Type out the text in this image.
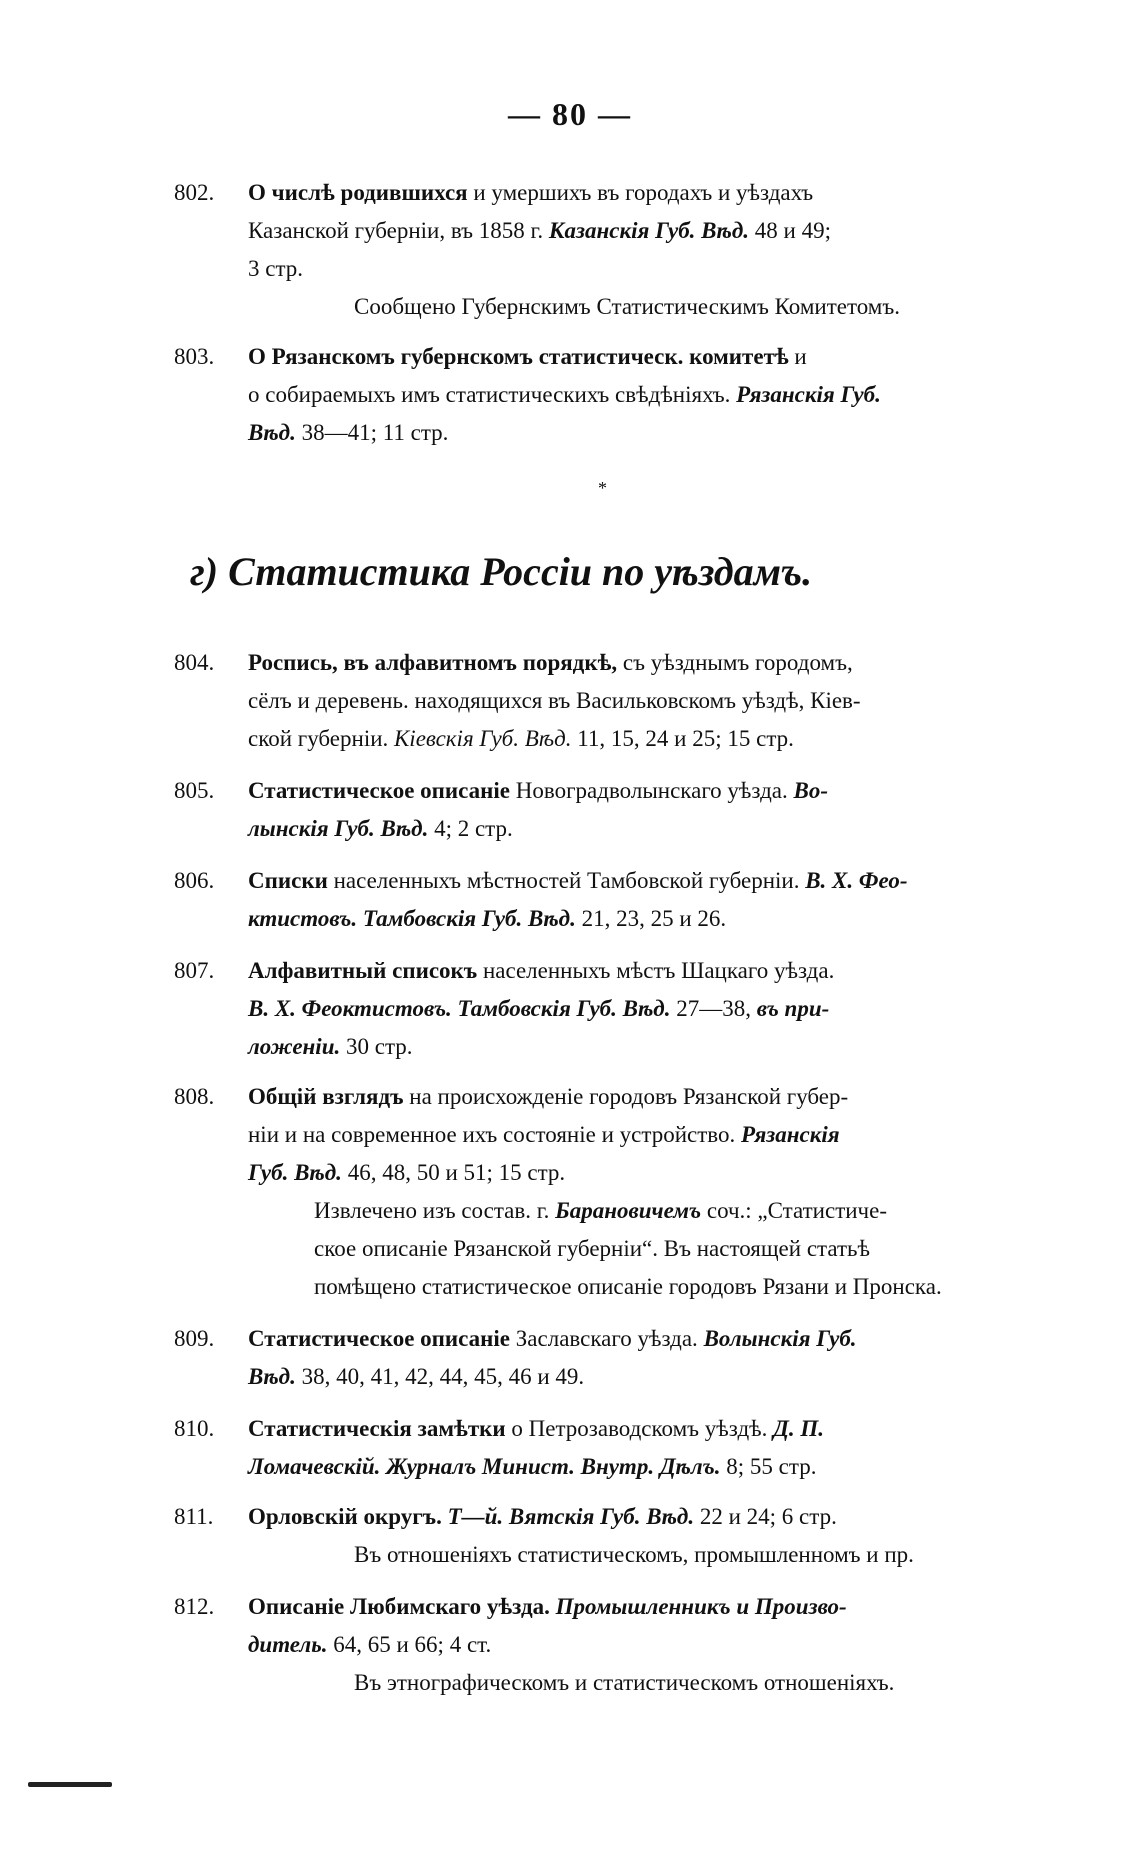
— 80 —
802. О числѣ родившихся и умершихъ въ городахъ и уѣздахъ
Казанской губерніи, въ 1858 г. Казанскія Губ. Вѣд. 48 и 49;
3 стр.
Сообщено Губернскимъ Статистическимъ Комитетомъ.
803. О Рязанскомъ губернскомъ статистическ. комитетѣ и
о собираемыхъ имъ статистическихъ свѣдѣніяхъ. Рязанскія Губ.
Вѣд. 38—41; 11 стр.
*
г) Статистика Россіи по уѣздамъ.
804. Роспись, въ алфавитномъ порядкѣ, съ уѣзднымъ городомъ,
сёлъ и деревень. находящихся въ Васильковскомъ уѣздѣ, Кіев-
ской губерніи. Кіевскія Губ. Вѣд. 11, 15, 24 и 25; 15 стр.
805. Статистическое описаніе Новоградволынскаго уѣзда. Во-
лынскія Губ. Вѣд. 4; 2 стр.
806. Списки населенныхъ мѣстностей Тамбовской губерніи. В. Х. Фео-
ктистовъ. Тамбовскія Губ. Вѣд. 21, 23, 25 и 26.
807. Алфавитный списокъ населенныхъ мѣстъ Шацкаго уѣзда.
В. Х. Феоктистовъ. Тамбовскія Губ. Вѣд. 27—38, въ при-
ложеніи. 30 стр.
808. Общій взглядъ на происхожденіе городовъ Рязанской губер-
ніи и на современное ихъ состояніе и устройство. Рязанскія
Губ. Вѣд. 46, 48, 50 и 51; 15 стр.
Извлечено изъ состав. г. Барановичемъ соч.: „Статистиче-
ское описаніе Рязанской губерніи“. Въ настоящей статьѣ
помѣщено статистическое описаніе городовъ Рязани и Пронска.
809. Статистическое описаніе Заславскаго уѣзда. Волынскія Губ.
Вѣд. 38, 40, 41, 42, 44, 45, 46 и 49.
810. Статистическія замѣтки о Петрозаводскомъ уѣздѣ. Д. П.
Ломачевскій. Журналъ Минист. Внутр. Дѣлъ. 8; 55 стр.
811. Орловскій округъ. Т—й. Вятскія Губ. Вѣд. 22 и 24; 6 стр.
Въ отношеніяхъ статистическомъ, промышленномъ и пр.
812. Описаніе Любимскаго уѣзда. Промышленникъ и Произво-
дитель. 64, 65 и 66; 4 ст.
Въ этнографическомъ и статистическомъ отношеніяхъ.
